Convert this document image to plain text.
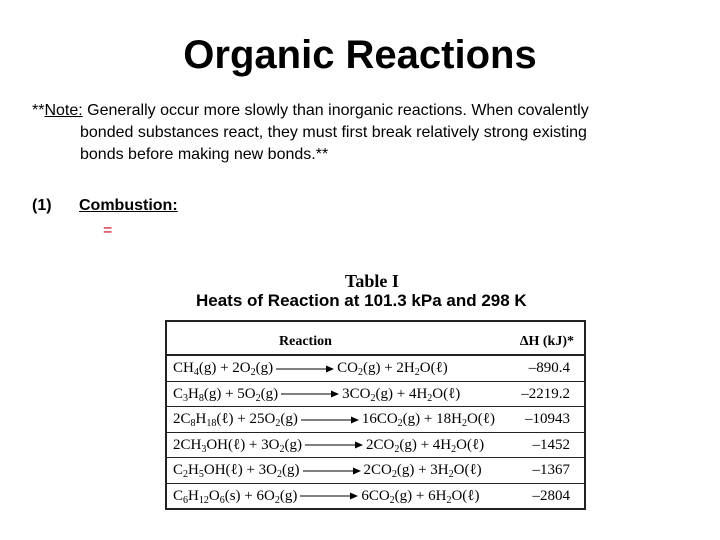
Organic Reactions
**Note: Generally occur more slowly than inorganic reactions. When covalently
bonded substances react, they must first break relatively strong existing
bonds before making new bonds.**
(1) Combustion:
=
Table I
Heats of Reaction at 101.3 kPa and 298 K
Reaction	ΔH (kJ)*
$CH_4(g) + 2O_2(g) \to CO_2(g)$ + $2H_2O(\ell)$	–890.4
$C_3H_8(g) + 5O_2(g) \to 3CO_2(g)$ + $4H_2O(\ell)$	–2219.2
$2C_8H_{18}(\ell) + 25O_2(g) \to 16CO_2(g)$ + $18H_2O(\ell)$ –10943
$2CH_3OH(\ell) + 3O_2(g) \to 2CO_2(g)$ + $4H_2O(\ell)$	–1452
$C_2H_5OH(\ell) + 3O_2(g) \to 2CO_2(g)$ + $3H_2O(\ell)$	–1367
$C_6H_{12}O_6(s) + 6O_2(g) \to 6CO_2(g)$ + $6H_2O(\ell)$	–2804
